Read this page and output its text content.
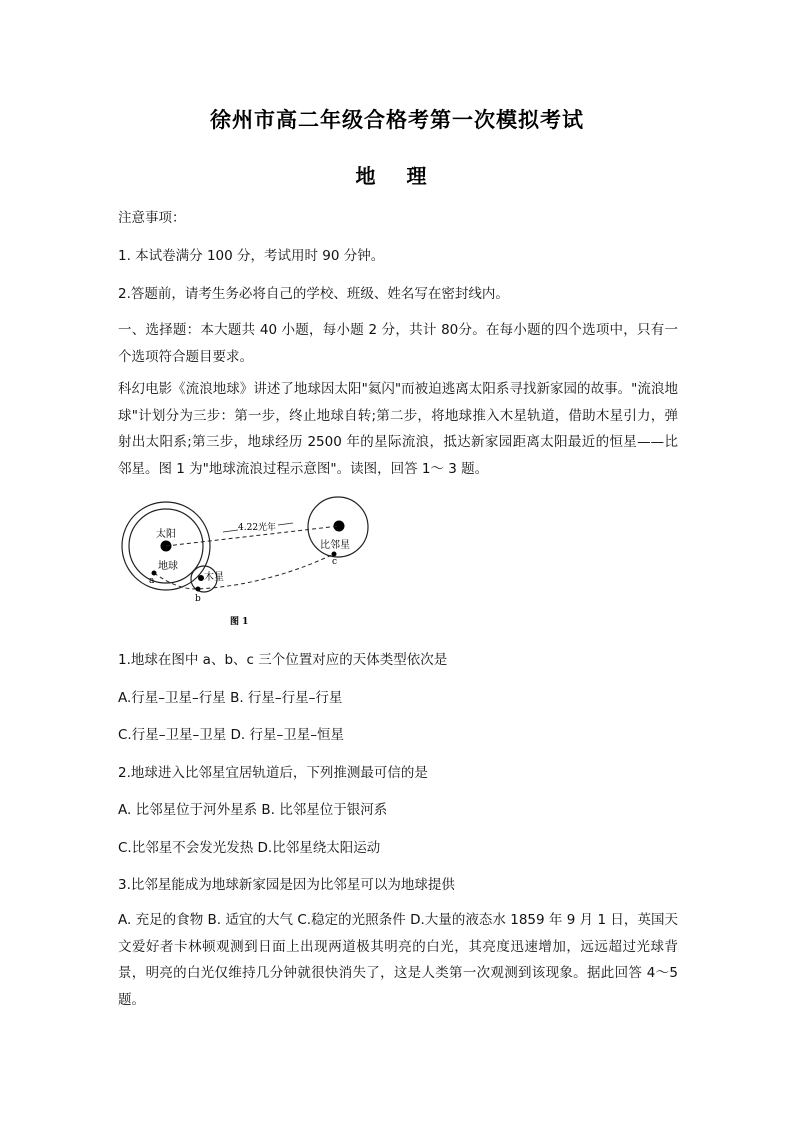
徐州市高二年级合格考第一次模拟考试
地 理
注意事项：
1. 本试卷满分 100 分，考试用时 90 分钟。
2.答题前，请考生务必将自己的学校、班级、姓名写在密封线内。
一、选择题：本大题共 40 小题，每小题 2 分，共计 80分。在每小题的四个选项中，只有一个选项符合题目要求。
科幻电影《流浪地球》讲述了地球因太阳"氦闪"而被迫逃离太阳系寻找新家园的故事。"流浪地球"计划分为三步：第一步，终止地球自转;第二步，将地球推入木星轨道，借助木星引力，弹射出太阳系;第三步，地球经历 2500 年的星际流浪，抵达新家园距离太阳最近的恒星——比邻星。图 1 为"地球流浪过程示意图"。读图，回答 1～ 3 题。
太阳
地球
木星
比邻星
4.22光年
a
b
c
图 1
1.地球在图中 a、b、c 三个位置对应的天体类型依次是
A.行星–卫星–行星 B. 行星–行星–行星
C.行星–卫星–卫星 D. 行星–卫星–恒星
2.地球进入比邻星宜居轨道后，下列推测最可信的是
A. 比邻星位于河外星系 B. 比邻星位于银河系
C.比邻星不会发光发热 D.比邻星绕太阳运动
3.比邻星能成为地球新家园是因为比邻星可以为地球提供
A. 充足的食物 B. 适宜的大气 C.稳定的光照条件 D.大量的液态水 1859 年 9 月 1 日，英国天文爱好者卡林顿观测到日面上出现两道极其明亮的白光，其亮度迅速增加，远远超过光球背景，明亮的白光仅维持几分钟就很快消失了，这是人类第一次观测到该现象。据此回答 4～5 题。
